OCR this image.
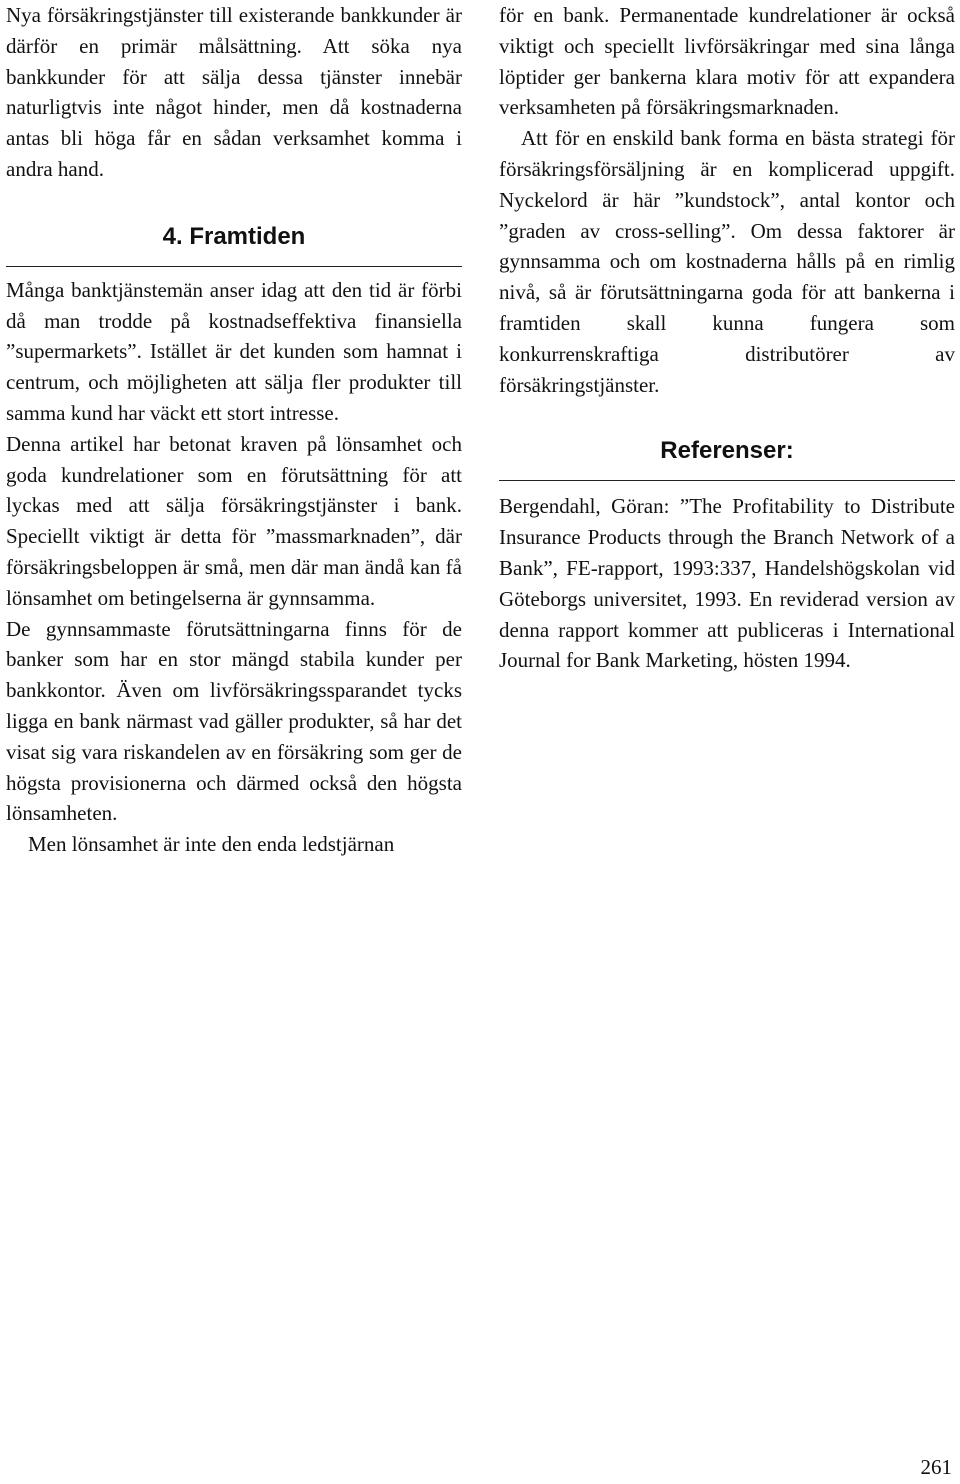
Nya försäkringstjänster till existerande bankkunder är därför en primär målsättning. Att söka nya bankkunder för att sälja dessa tjänster innebär naturligtvis inte något hinder, men då kostnaderna antas bli höga får en sådan verksamhet komma i andra hand.

4. Framtiden

Många banktjänstemän anser idag att den tid är förbi då man trodde på kostnadseffektiva finansiella ”supermarkets”. Istället är det kunden som hamnat i centrum, och möjligheten att sälja fler produkter till samma kund har väckt ett stort intresse.

Denna artikel har betonat kraven på lönsamhet och goda kundrelationer som en förutsättning för att lyckas med att sälja försäkringstjänster i bank. Speciellt viktigt är detta för ”massmarknaden”, där försäkringsbeloppen är små, men där man ändå kan få lönsamhet om betingelserna är gynnsamma.

De gynnsammaste förutsättningarna finns för de banker som har en stor mängd stabila kunder per bankkontor. Även om livförsäkringssparandet tycks ligga en bank närmast vad gäller produkter, så har det visat sig vara riskandelen av en försäkring som ger de högsta provisionerna och därmed också den högsta lönsamheten.

Men lönsamhet är inte den enda ledstjärnan

för en bank. Permanentade kundrelationer är också viktigt och speciellt livförsäkringar med sina långa löptider ger bankerna klara motiv för att expandera verksamheten på försäkringsmarknaden.

Att för en enskild bank forma en bästa strategi för försäkringsförsäljning är en komplicerad uppgift. Nyckelord är här ”kundstock”, antal kontor och ”graden av cross-selling”. Om dessa faktorer är gynnsamma och om kostnaderna hålls på en rimlig nivå, så är förutsättningarna goda för att bankerna i framtiden skall kunna fungera som konkurrenskraftiga distributörer av försäkringstjänster.

Referenser:

Bergendahl, Göran: ”The Profitability to Distribute Insurance Products through the Branch Network of a Bank”, FE-rapport, 1993:337, Handelshögskolan vid Göteborgs universitet, 1993. En reviderad version av denna rapport kommer att publiceras i International Journal for Bank Marketing, hösten 1994.

261
